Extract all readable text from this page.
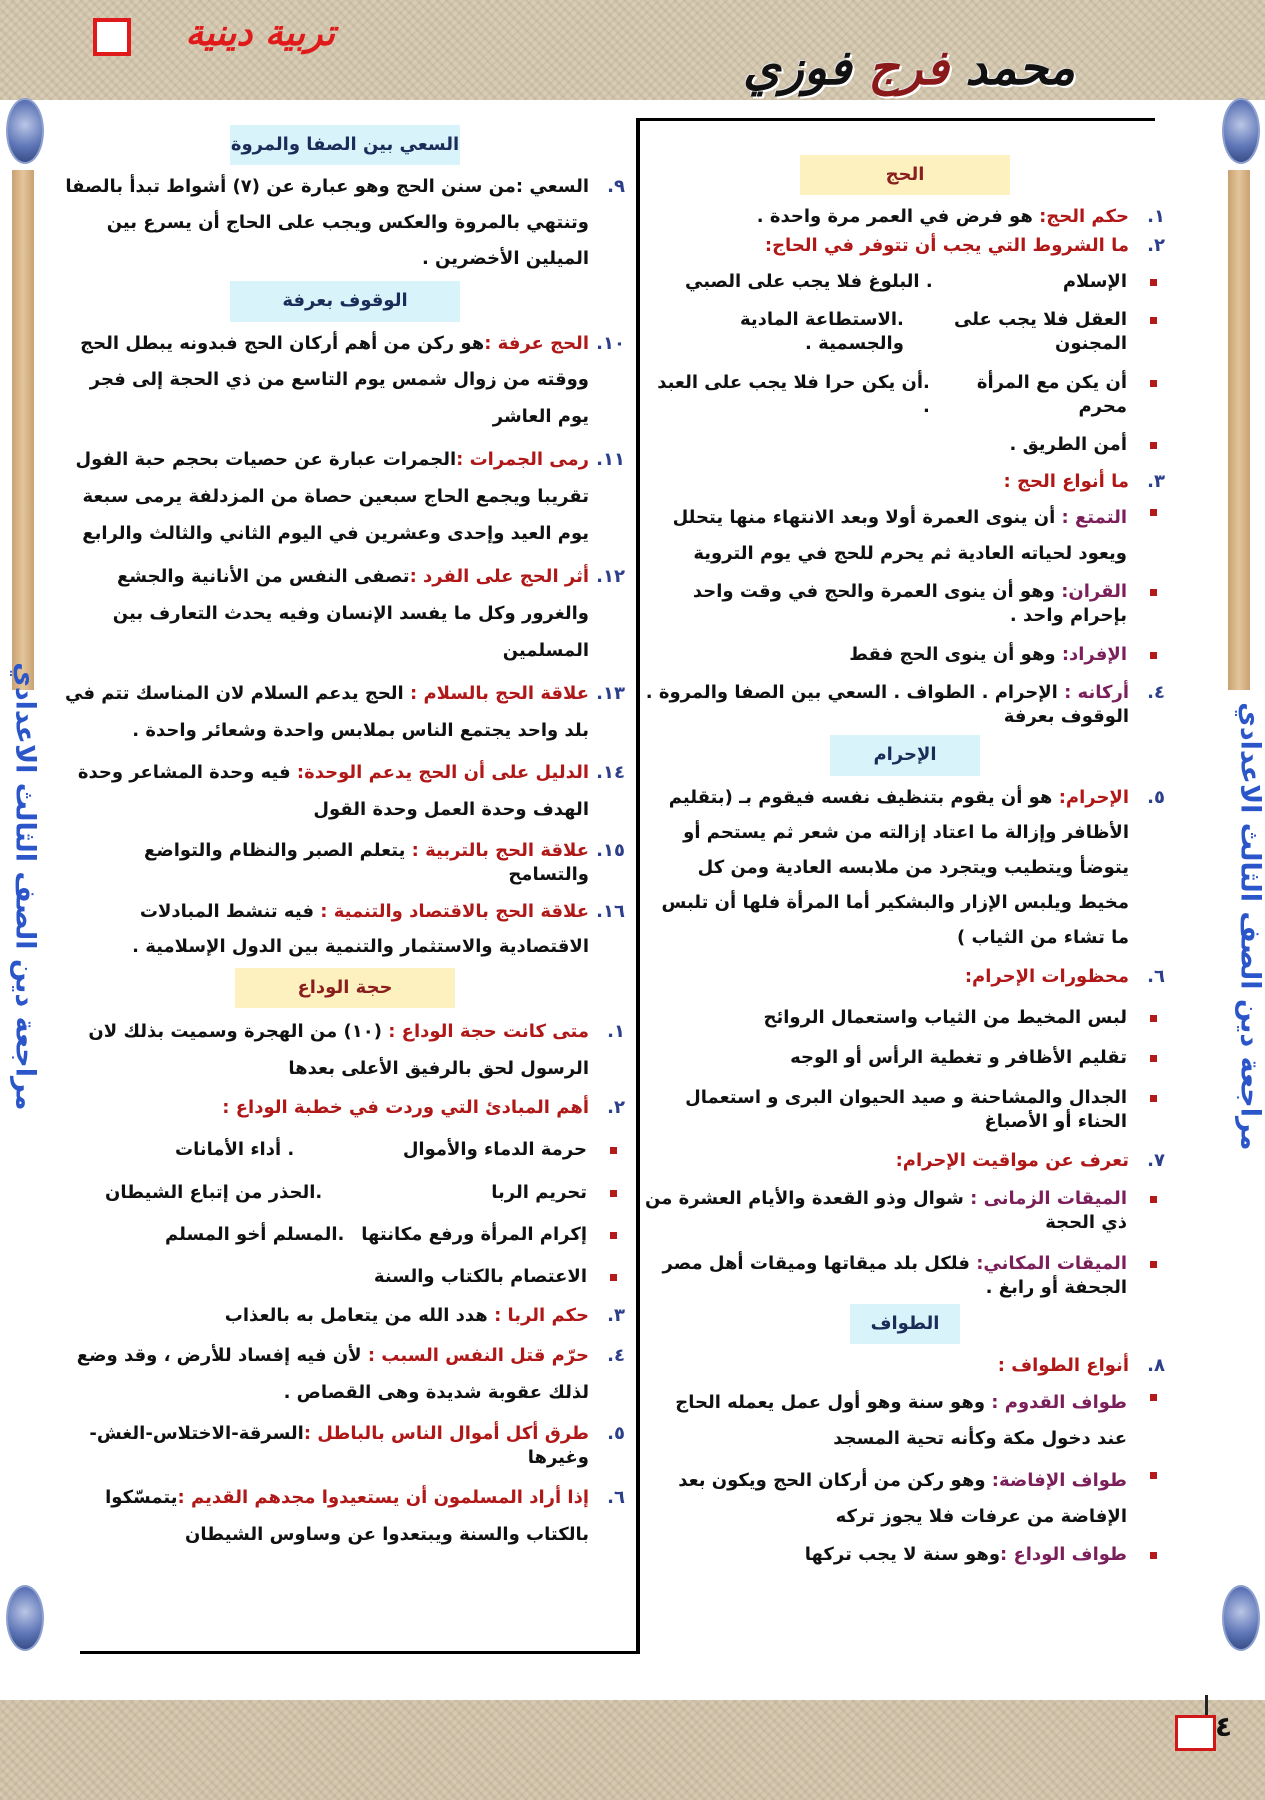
مراجعة دين الصف الثالث الاعدادي
مراجعة دين الصف الثالث الاعدادي
تربية دينية
محمد فرج فوزي
الحج
١.
حكم الحج: هو فرض في العمر مرة واحدة .
٢.
ما الشروط التي يجب أن تتوفر في الحاج:
الإسلام
. البلوغ فلا يجب على الصبي
العقل فلا يجب على المجنون
.الاستطاعة المادية والجسمية .
أن يكن مع المرأة محرم
.أن يكن حرا فلا يجب على العبد .
أمن الطريق .
٣.
ما أنواع الحج :
التمتع : أن ينوى العمرة أولا وبعد الانتهاء منها يتحلل ويعود لحياته العادية ثم يحرم للحج في يوم التروية
القران: وهو أن ينوى العمرة والحج في وقت واحد بإحرام واحد .
الإفراد: وهو أن ينوى الحج فقط
٤.
أركانه : الإحرام . الطواف . السعي بين الصفا والمروة . الوقوف بعرفة
الإحرام
٥.
الإحرام: هو أن يقوم بتنظيف نفسه فيقوم بـ (بتقليم الأظافر وإزالة ما اعتاد إزالته من شعر ثم يستحم أو يتوضأ ويتطيب ويتجرد من ملابسه العادية ومن كل مخيط ويلبس الإزار والبشكير أما المرأة فلها أن تلبس ما تشاء من الثياب )
٦.
محظورات الإحرام:
لبس المخيط من الثياب واستعمال الروائح
تقليم الأظافر و تغطية الرأس أو الوجه
الجدال والمشاحنة و صيد الحيوان البرى و استعمال الحناء أو الأصباغ
٧.
تعرف عن مواقيت الإحرام:
الميقات الزمانى : شوال وذو القعدة والأيام العشرة من ذي الحجة
الميقات المكاني: فلكل بلد ميقاتها وميقات أهل مصر الجحفة أو رابغ .
الطواف
٨.
أنواع الطواف :
طواف القدوم : وهو سنة وهو أول عمل يعمله الحاج عند دخول مكة وكأنه تحية المسجد
طواف الإفاضة: وهو ركن من أركان الحج ويكون بعد الإفاضة من عرفات فلا يجوز تركه
طواف الوداع :وهو سنة لا يجب تركها
السعي بين الصفا والمروة
٩.
السعي :من سنن الحج وهو عبارة عن (٧) أشواط تبدأ بالصفا وتنتهي بالمروة والعكس ويجب على الحاج أن يسرع بين الميلين الأخضرين .
الوقوف بعرفة
١٠.
الحج عرفة :هو ركن من أهم أركان الحج فبدونه يبطل الحج ووقته من زوال شمس يوم التاسع من ذي الحجة إلى فجر يوم العاشر
١١.
رمى الجمرات :الجمرات عبارة عن حصيات بحجم حبة الفول تقريبا ويجمع الحاج سبعين حصاة من المزدلفة يرمى سبعة يوم العيد وإحدى وعشرين في اليوم الثاني والثالث والرابع
١٢.
أثر الحج على الفرد :تصفى النفس من الأنانية والجشع والغرور وكل ما يفسد الإنسان وفيه يحدث التعارف بين المسلمين
١٣.
علاقة الحج بالسلام : الحج يدعم السلام لان المناسك تتم في بلد واحد يجتمع الناس بملابس واحدة وشعائر واحدة .
١٤.
الدليل على أن الحج يدعم الوحدة: فيه وحدة المشاعر وحدة الهدف وحدة العمل وحدة القول
١٥.
علاقة الحج بالتربية : يتعلم الصبر والنظام والتواضع والتسامح
١٦.
علاقة الحج بالاقتصاد والتنمية : فيه تنشط المبادلات الاقتصادية والاستثمار والتنمية بين الدول الإسلامية .
حجة الوداع
١.
متى كانت حجة الوداع : (١٠) من الهجرة وسميت بذلك لان الرسول لحق بالرفيق الأعلى بعدها
٢.
أهم المبادئ التي وردت في خطبة الوداع :
حرمة الدماء والأموال
. أداء الأمانات
تحريم الربا
.الحذر من إتباع الشيطان
إكرام المرأة ورفع مكانتها
.المسلم أخو المسلم
الاعتصام بالكتاب والسنة
٣.
حكم الربا : هدد الله من يتعامل به بالعذاب
٤.
حرّم قتل النفس السبب : لأن فيه إفساد للأرض ، وقد وضع لذلك عقوبة شديدة وهى القصاص .
٥.
طرق أكل أموال الناس بالباطل :السرقة-الاختلاس-الغش-وغيرها
٦.
إذا أراد المسلمون أن يستعيدوا مجدهم القديم :يتمسّكوا بالكتاب والسنة ويبتعدوا عن وساوس الشيطان
٤
